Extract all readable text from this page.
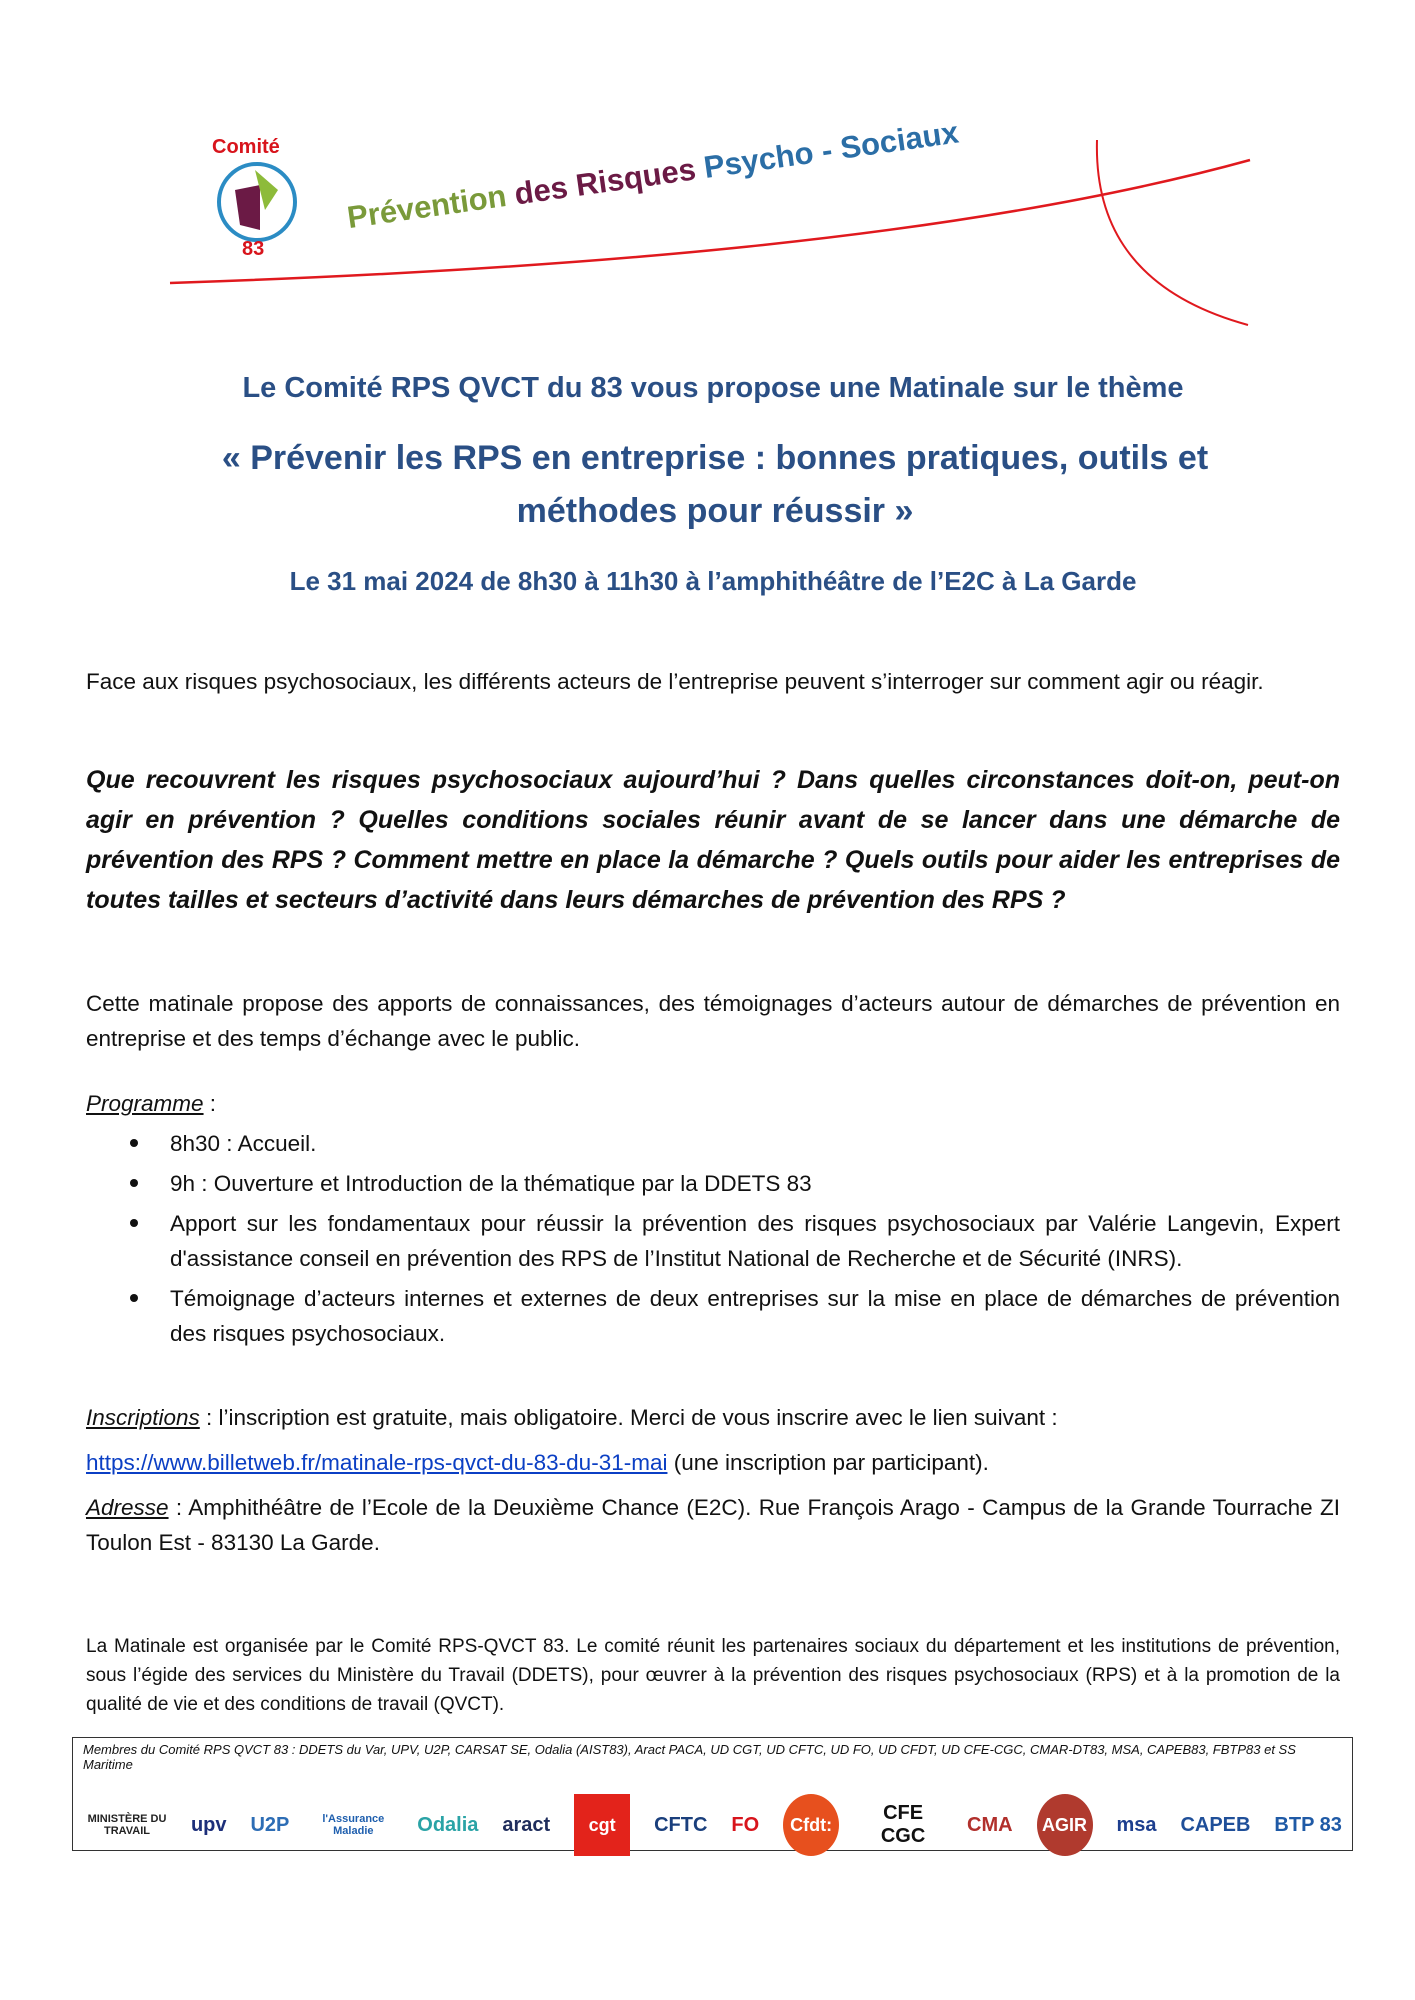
Comité
83
Prévention des Risques Psycho - Sociaux
Le Comité RPS QVCT du 83 vous propose une Matinale sur le thème
« Prévenir les RPS en entreprise : bonnes pratiques, outils et méthodes pour réussir »
Le 31 mai 2024 de 8h30 à 11h30 à l’amphithéâtre de l’E2C à La Garde
Face aux risques psychosociaux, les différents acteurs de l’entreprise peuvent s’interroger sur comment agir ou réagir.
Que recouvrent les risques psychosociaux aujourd’hui ? Dans quelles circonstances doit-on, peut-on agir en prévention ? Quelles conditions sociales réunir avant de se lancer dans une démarche de prévention des RPS ? Comment mettre en place la démarche ? Quels outils pour aider les entreprises de toutes tailles et secteurs d’activité dans leurs démarches de prévention des RPS ?
Cette matinale propose des apports de connaissances, des témoignages d’acteurs autour de démarches de prévention en entreprise et des temps d’échange avec le public.
Programme :
8h30 : Accueil.
9h : Ouverture et Introduction de la thématique par la DDETS 83
Apport sur les fondamentaux pour réussir la prévention des risques psychosociaux par Valérie Langevin, Expert d'assistance conseil en prévention des RPS de l’Institut National de Recherche et de Sécurité (INRS).
Témoignage d’acteurs internes et externes de deux entreprises sur la mise en place de démarches de prévention des risques psychosociaux.
Inscriptions : l’inscription est gratuite, mais obligatoire. Merci de vous inscrire avec le lien suivant :
https://www.billetweb.fr/matinale-rps-qvct-du-83-du-31-mai (une inscription par participant).
Adresse : Amphithéâtre de l’Ecole de la Deuxième Chance (E2C). Rue François Arago - Campus de la Grande Tourrache ZI Toulon Est - 83130 La Garde.
La Matinale est organisée par le Comité RPS-QVCT 83. Le comité réunit les partenaires sociaux du département et les institutions de prévention, sous l’égide des services du Ministère du Travail (DDETS), pour œuvrer à la prévention des risques psychosociaux (RPS) et à la promotion de la qualité de vie et des conditions de travail (QVCT).
Membres du Comité RPS QVCT 83 : DDETS du Var, UPV, U2P, CARSAT SE, Odalia (AIST83), Aract PACA, UD CGT, UD CFTC, UD FO, UD CFDT, UD CFE-CGC, CMAR-DT83, MSA, CAPEB83, FBTP83 et SS Maritime
MINISTÈRE DU TRAVAIL	upv U2P	l'Assurance Maladie	Odalia aract	cgt	CFTC FO	Cfdt:
CFE CGC
CMA	AGIR msa CAPEB BTP 83
